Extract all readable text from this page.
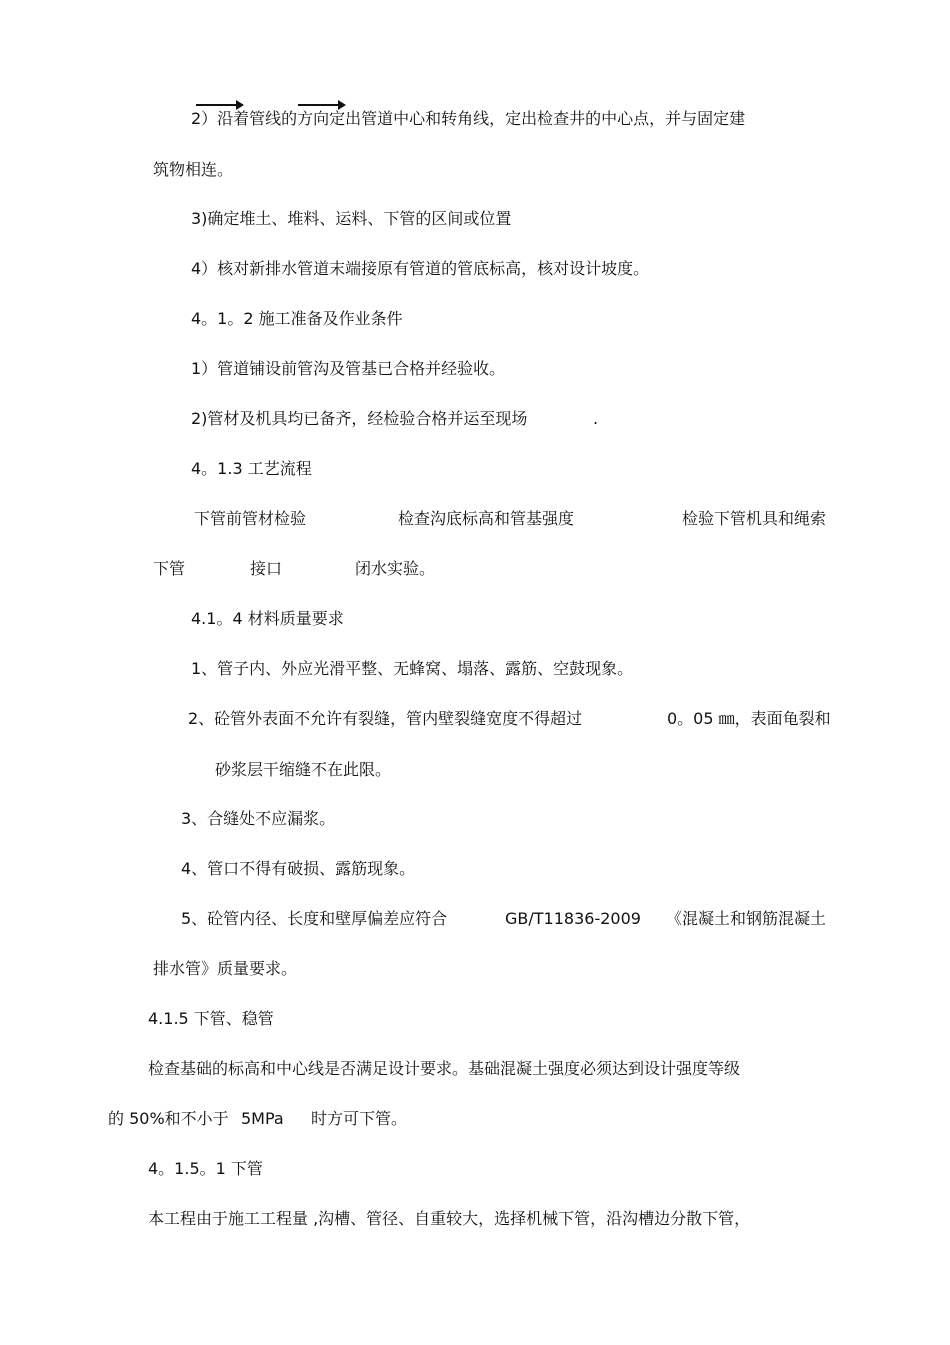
2）沿着管线的方向定出管道中心和转角线，定出检查井的中心点，并与固定建
筑物相连。
3)确定堆土、堆料、运料、下管的区间或位置
4）核对新排水管道末端接原有管道的管底标高，核对设计坡度。
4。1。2 施工准备及作业条件
1）管道铺设前管沟及管基已合格并经验收。
2)管材及机具均已备齐，经检验合格并运至现场	.
4。1.3 工艺流程
下管前管材检验	检查沟底标高和管基强度	检验下管机具和绳索
下管	接口	闭水实验。
4.1。4 材料质量要求
1、管子内、外应光滑平整、无蜂窝、塌落、露筋、空鼓现象。
2、砼管外表面不允许有裂缝，管内壁裂缝宽度不得超过	0。05 ㎜，表面龟裂和
砂浆层干缩缝不在此限。
3、合缝处不应漏浆。
4、管口不得有破损、露筋现象。
5、砼管内径、长度和壁厚偏差应符合	GB/T11836-2009 《混凝土和钢筋混凝土
排水管》质量要求。
4.1.5 下管、稳管
检查基础的标高和中心线是否满足设计要求。基础混凝土强度必须达到设计强度等级
的 50%和不小于 5MPa 时方可下管。
4。1.5。1 下管
本工程由于施工工程量 ,沟槽、管径、自重较大，选择机械下管，沿沟槽边分散下管，
